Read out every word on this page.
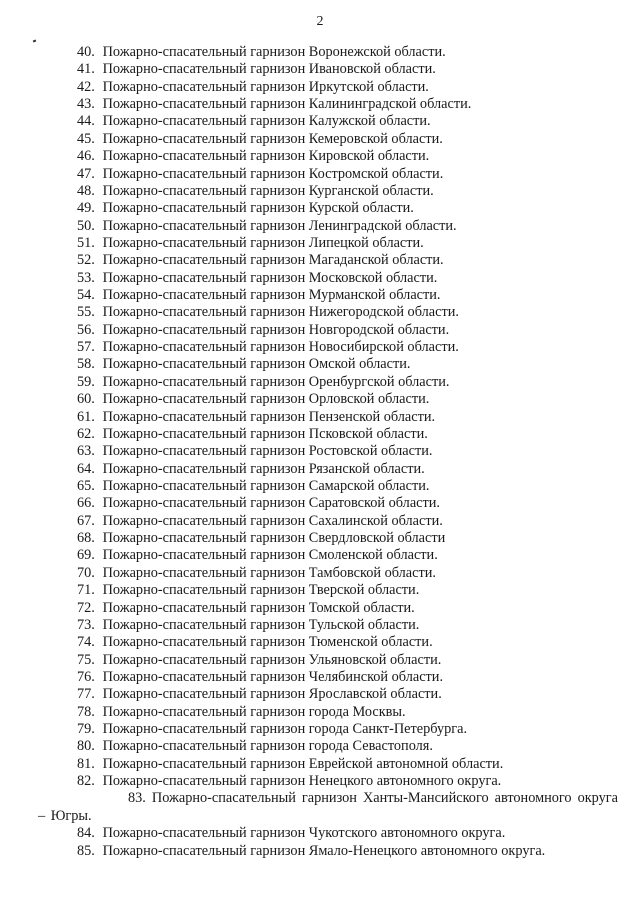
2
40. Пожарно-спасательный гарнизон Воронежской области.
41. Пожарно-спасательный гарнизон Ивановской области.
42. Пожарно-спасательный гарнизон Иркутской области.
43. Пожарно-спасательный гарнизон Калининградской области.
44. Пожарно-спасательный гарнизон Калужской области.
45. Пожарно-спасательный гарнизон Кемеровской области.
46. Пожарно-спасательный гарнизон Кировской области.
47. Пожарно-спасательный гарнизон Костромской области.
48. Пожарно-спасательный гарнизон Курганской области.
49. Пожарно-спасательный гарнизон Курской области.
50. Пожарно-спасательный гарнизон Ленинградской области.
51. Пожарно-спасательный гарнизон Липецкой области.
52. Пожарно-спасательный гарнизон Магаданской области.
53. Пожарно-спасательный гарнизон Московской области.
54. Пожарно-спасательный гарнизон Мурманской области.
55. Пожарно-спасательный гарнизон Нижегородской области.
56. Пожарно-спасательный гарнизон Новгородской области.
57. Пожарно-спасательный гарнизон Новосибирской области.
58. Пожарно-спасательный гарнизон Омской области.
59. Пожарно-спасательный гарнизон Оренбургской области.
60. Пожарно-спасательный гарнизон Орловской области.
61. Пожарно-спасательный гарнизон Пензенской области.
62. Пожарно-спасательный гарнизон Псковской области.
63. Пожарно-спасательный гарнизон Ростовской области.
64. Пожарно-спасательный гарнизон Рязанской области.
65. Пожарно-спасательный гарнизон Самарской области.
66. Пожарно-спасательный гарнизон Саратовской области.
67. Пожарно-спасательный гарнизон Сахалинской области.
68. Пожарно-спасательный гарнизон Свердловской области
69. Пожарно-спасательный гарнизон Смоленской области.
70. Пожарно-спасательный гарнизон Тамбовской области.
71. Пожарно-спасательный гарнизон Тверской области.
72. Пожарно-спасательный гарнизон Томской области.
73. Пожарно-спасательный гарнизон Тульской области.
74. Пожарно-спасательный гарнизон Тюменской области.
75. Пожарно-спасательный гарнизон Ульяновской области.
76. Пожарно-спасательный гарнизон Челябинской области.
77. Пожарно-спасательный гарнизон Ярославской области.
78. Пожарно-спасательный гарнизон города Москвы.
79. Пожарно-спасательный гарнизон города Санкт-Петербурга.
80. Пожарно-спасательный гарнизон города Севастополя.
81. Пожарно-спасательный гарнизон Еврейской автономной области.
82. Пожарно-спасательный гарнизон Ненецкого автономного округа.
83. Пожарно-спасательный гарнизон Ханты-Мансийского автономного округа – Югры.
84. Пожарно-спасательный гарнизон Чукотского автономного округа.
85. Пожарно-спасательный гарнизон Ямало-Ненецкого автономного округа.
